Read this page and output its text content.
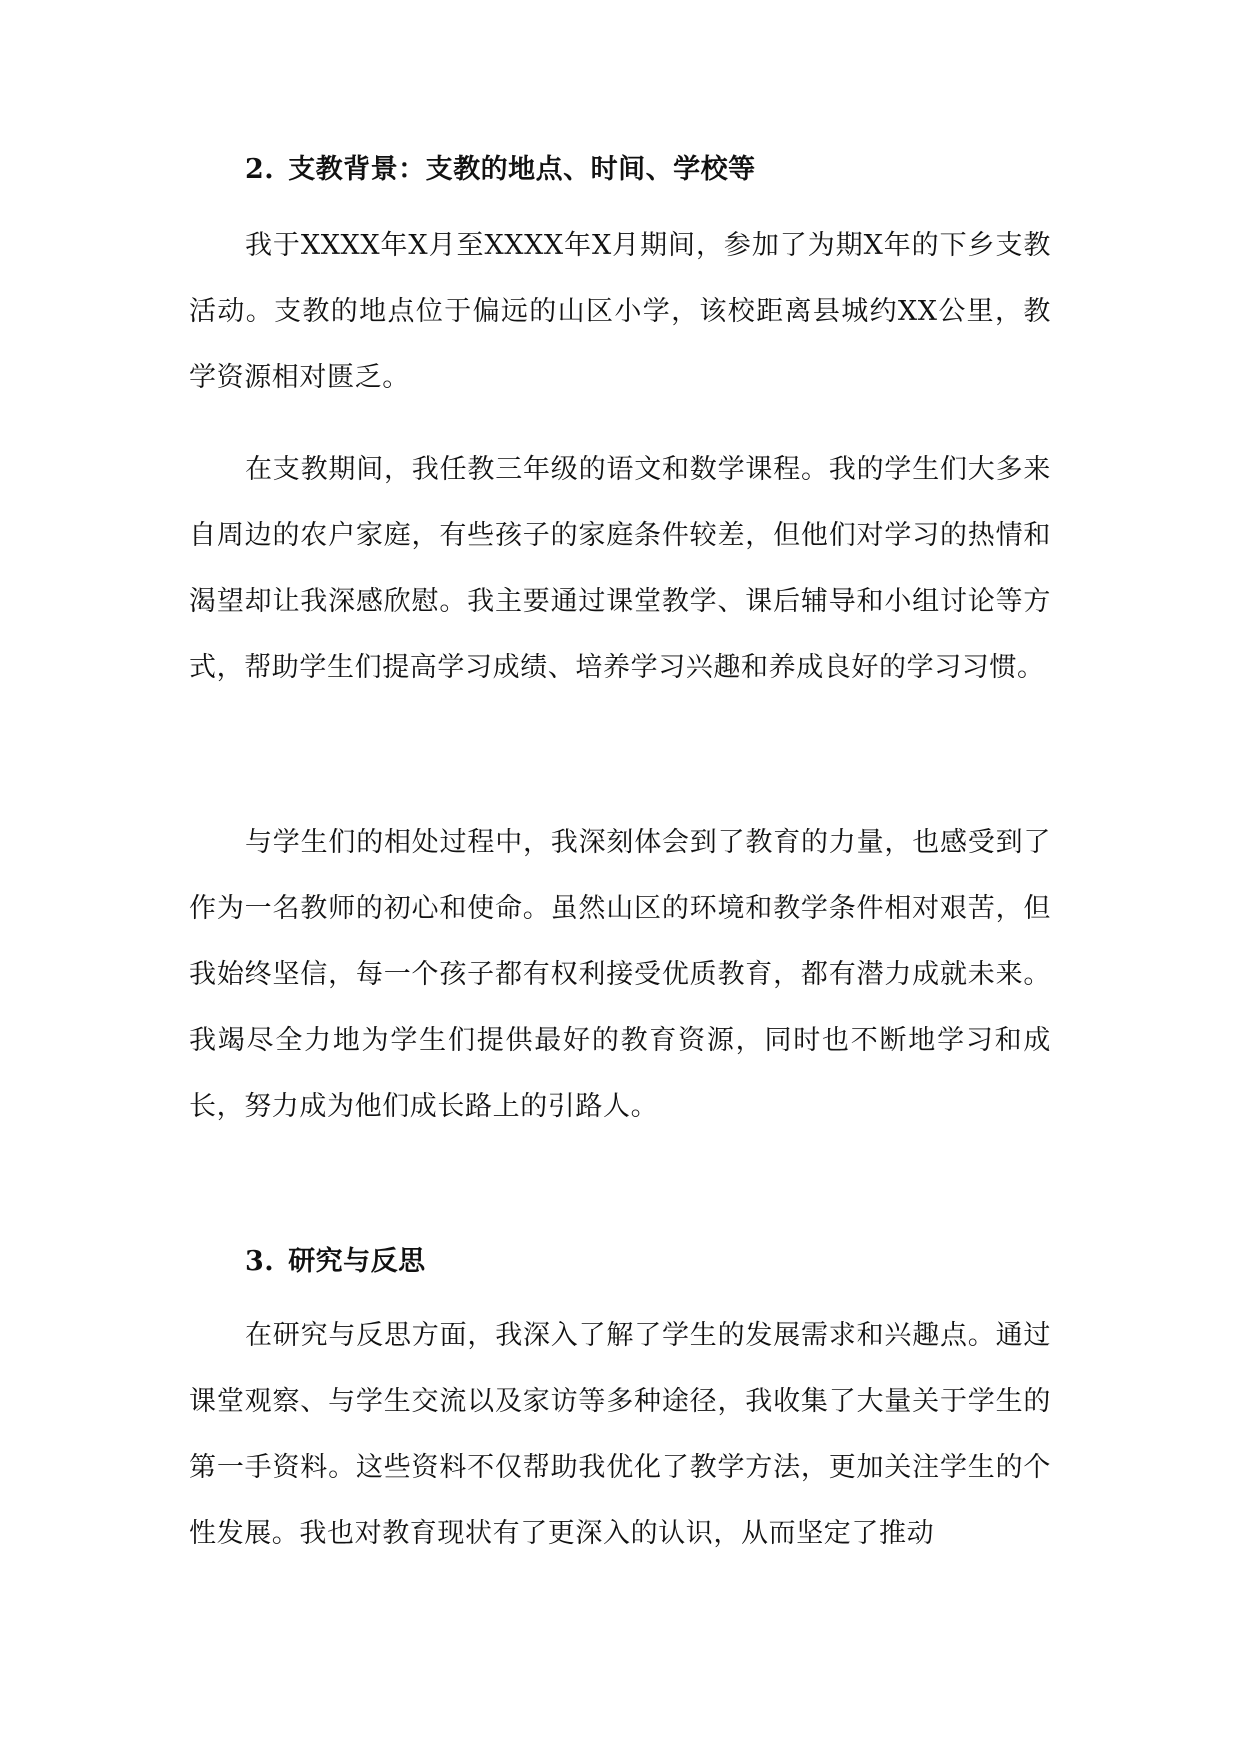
2. 支教背景：支教的地点、时间、学校等

我于XXXX年X月至XXXX年X月期间，参加了为期X年的下乡支教活动。支教的地点位于偏远的山区小学，该校距离县城约XX公里，教学资源相对匮乏。

在支教期间，我任教三年级的语文和数学课程。我的学生们大多来自周边的农户家庭，有些孩子的家庭条件较差，但他们对学习的热情和渴望却让我深感欣慰。我主要通过课堂教学、课后辅导和小组讨论等方式，帮助学生们提高学习成绩、培养学习兴趣和养成良好的学习习惯。

与学生们的相处过程中，我深刻体会到了教育的力量，也感受到了作为一名教师的初心和使命。虽然山区的环境和教学条件相对艰苦，但我始终坚信，每一个孩子都有权利接受优质教育，都有潜力成就未来。我竭尽全力地为学生们提供最好的教育资源，同时也不断地学习和成长，努力成为他们成长路上的引路人。

3. 研究与反思

在研究与反思方面，我深入了解了学生的发展需求和兴趣点。通过课堂观察、与学生交流以及家访等多种途径，我收集了大量关于学生的第一手资料。这些资料不仅帮助我优化了教学方法，更加关注学生的个性发展。我也对教育现状有了更深入的认识，从而坚定了推动
